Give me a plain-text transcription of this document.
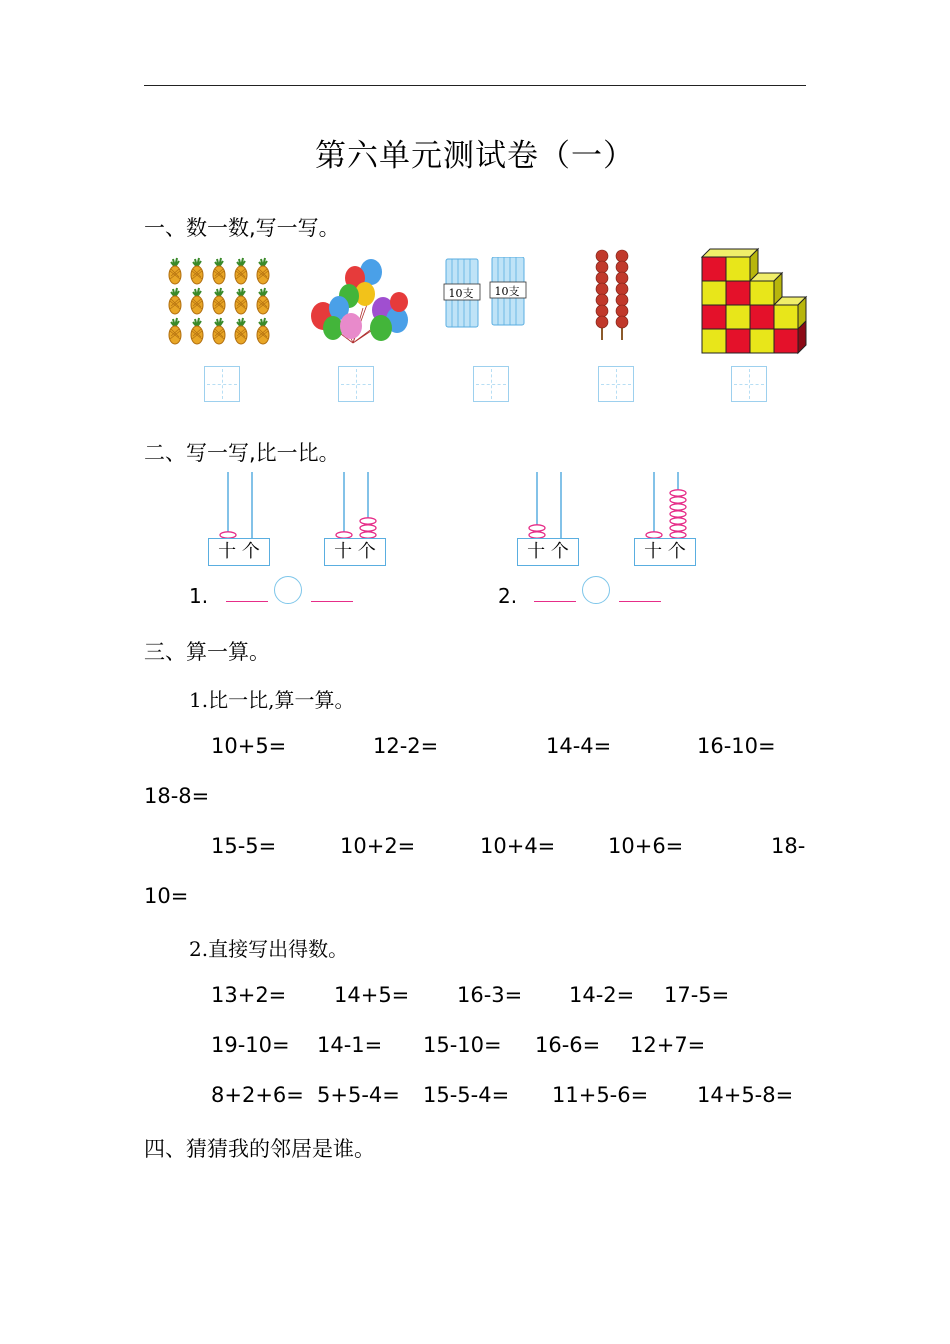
第六单元测试卷（一）
一、数一数,写一写。
10支	10支
二、写一写,比一比。
十 个	十 个	十 个	十 个
1.	2.
三、算一算。
1.比一比,算一算。
10+5=	12-2=	14-4=	16-10=
18-8=
15-5=	10+2=	10+4=	10+6=	18-
10=
2.直接写出得数。
13+2= 14+5= 16-3= 14-2= 17-5=
19-10= 14-1= 15-10= 16-6= 12+7=
8+2+6= 5+5-4= 15-5-4= 11+5-6= 14+5-8=
四、猜猜我的邻居是谁。
